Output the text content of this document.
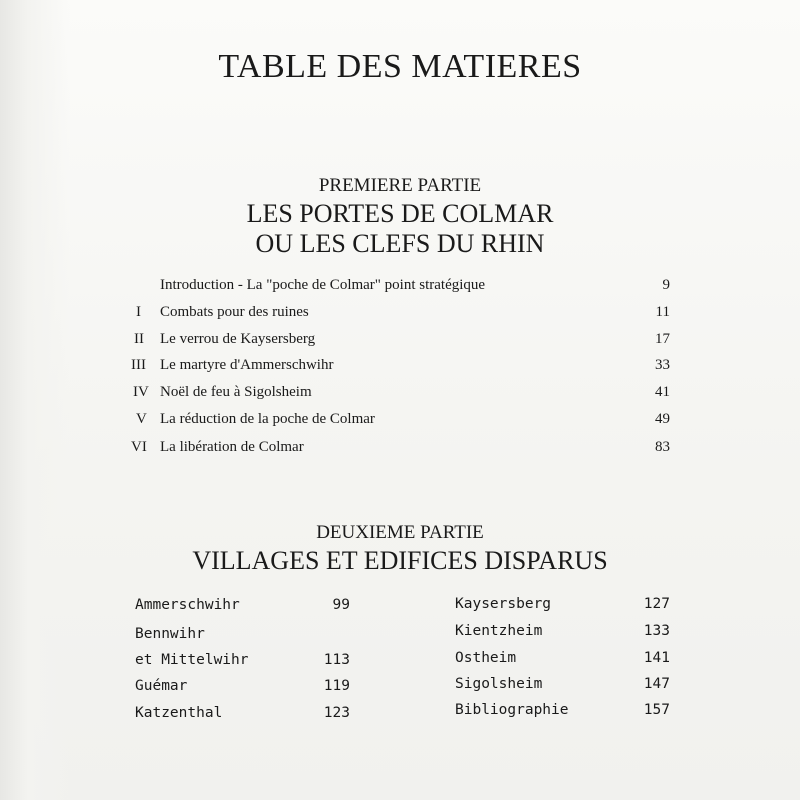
TABLE DES MATIERES
PREMIERE PARTIE
LES PORTES DE COLMAR
OU LES CLEFS DU RHIN
Introduction - La "poche de Colmar" point stratégique	9
I Combats pour des ruines	11
II Le verrou de Kaysersberg	17
III Le martyre d'Ammerschwihr	33
IV Noël de feu à Sigolsheim	41
V La réduction de la poche de Colmar	49
VI La libération de Colmar	83
DEUXIEME PARTIE
VILLAGES ET EDIFICES DISPARUS
Ammerschwihr	99
Bennwihr
et Mittelwihr	113
Guémar	119
Katzenthal	123
Kaysersberg	127
Kientzheim	133
Ostheim	141
Sigolsheim	147
Bibliographie	157
